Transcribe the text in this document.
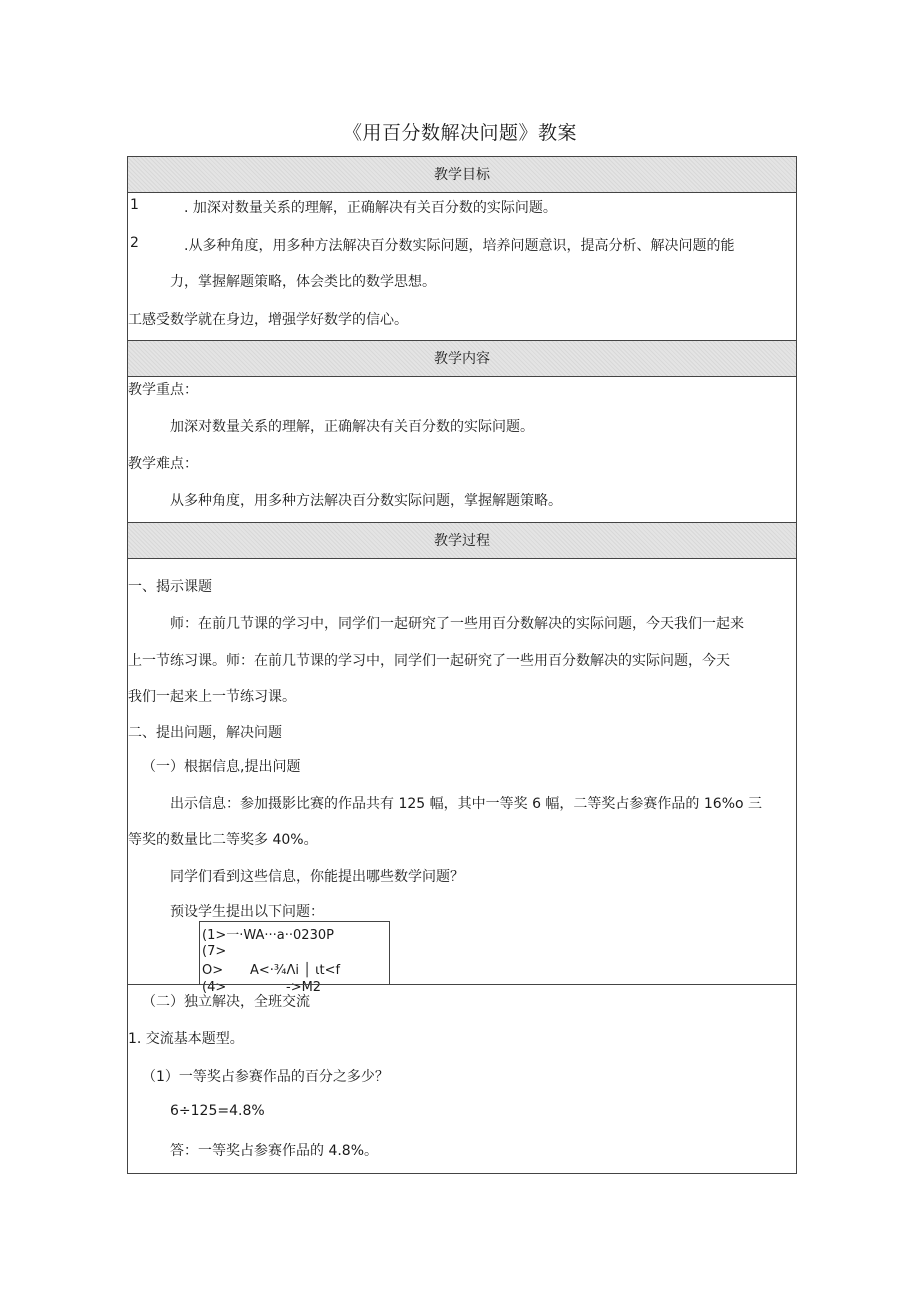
《用百分数解决问题》教案
教学目标
1	. 加深对数量关系的理解，正确解决有关百分数的实际问题。
2	.从多种角度，用多种方法解决百分数实际问题，培养问题意识，提高分析、解决问题的能
力，掌握解题策略，体会类比的数学思想。
工感受数学就在身边，增强学好数学的信心。
教学内容
教学重点：
加深对数量关系的理解，正确解决有关百分数的实际问题。
教学难点：
从多种角度，用多种方法解决百分数实际问题，掌握解题策略。
教学过程
一、揭示课题
师：在前几节课的学习中，同学们一起研究了一些用百分数解决的实际问题，今天我们一起来
上一节练习课。师：在前几节课的学习中，同学们一起研究了一些用百分数解决的实际问题，今天
我们一起来上一节练习课。
二、提出问题，解决问题
（一）根据信息,提出问题
出示信息：参加摄影比赛的作品共有 125 幅，其中一等奖 6 幅，二等奖占参赛作品的 16%o 三
等奖的数量比二等奖多 40%。
同学们看到这些信息，你能提出哪些数学问题？
预设学生提出以下问题：
(1>一·WA···a··0230P
(7>
O> A<·¾Λi │ ιt<f
(4>	->M2
（二）独立解决，全班交流
1. 交流基本题型。
（1）一等奖占参赛作品的百分之多少？
6÷125=4.8%
答：一等奖占参赛作品的 4.8%。
